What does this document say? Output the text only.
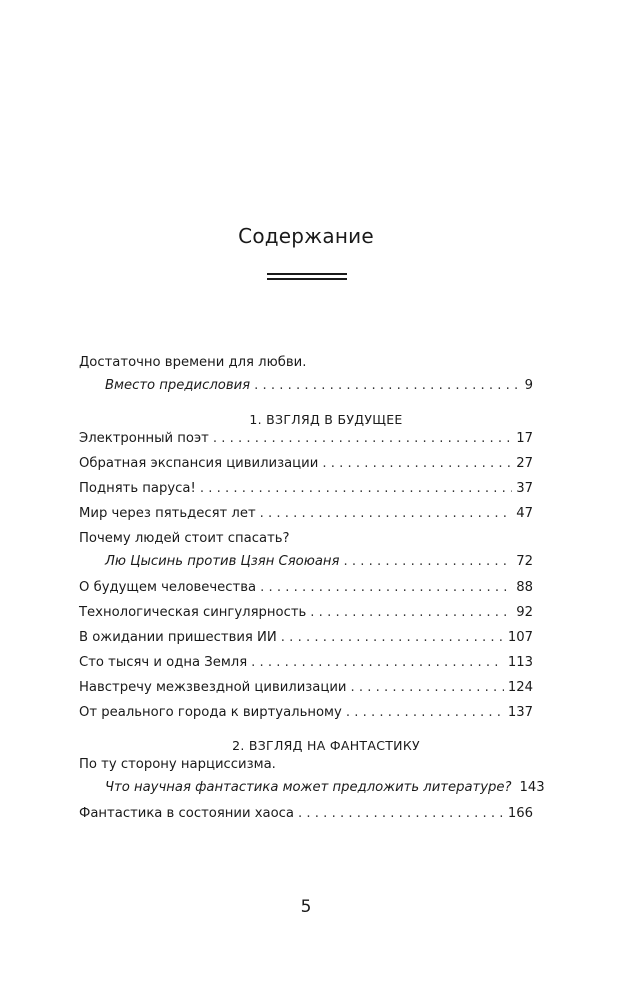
Содержание
Достаточно времени для любви.
Вместо предисловия . . .	9
1. ВЗГЛЯД В БУДУЩЕЕ
Электронный поэт . . .	17
Обратная экспансия цивилизации . . .	27
Поднять паруса! . . .	37
Мир через пятьдесят лет . . .	47
Почему людей стоит спасать?
Лю Цысинь против Цзян Сяоюаня . . .	72
О будущем человечества . . .	88
Технологическая сингулярность . . .	92
В ожидании пришествия ИИ . . .	107
Сто тысяч и одна Земля . . .	113
Навстречу межзвездной цивилизации . . .	124
От реального города к виртуальному . . .	137
2. ВЗГЛЯД НА ФАНТАСТИКУ
По ту сторону нарциссизма.
Что научная фантастика может предложить литературе? 143
Фантастика в состоянии хаоса . . .	166
5
